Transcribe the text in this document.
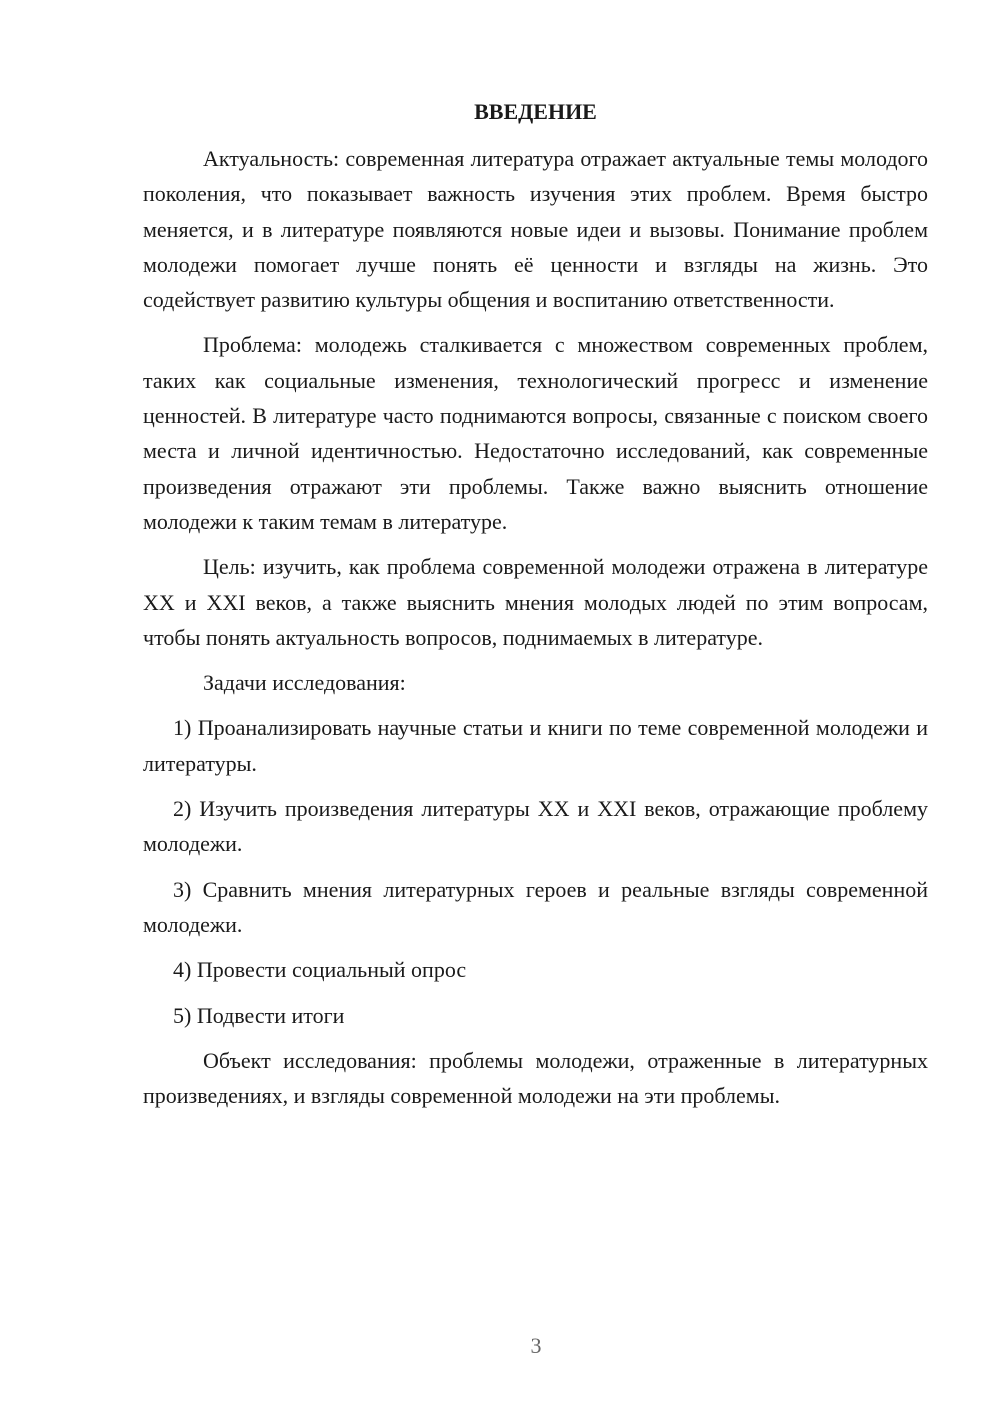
ВВЕДЕНИЕ

Актуальность: современная литература отражает актуальные темы молодого поколения, что показывает важность изучения этих проблем. Время быстро меняется, и в литературе появляются новые идеи и вызовы. Понимание проблем молодежи помогает лучше понять её ценности и взгляды на жизнь. Это содействует развитию культуры общения и воспитанию ответственности.

Проблема: молодежь сталкивается с множеством современных проблем, таких как социальные изменения, технологический прогресс и изменение ценностей. В литературе часто поднимаются вопросы, связанные с поиском своего места и личной идентичностью. Недостаточно исследований, как современные произведения отражают эти проблемы. Также важно выяснить отношение молодежи к таким темам в литературе.

Цель: изучить, как проблема современной молодежи отражена в литературе XX и XXI веков, а также выяснить мнения молодых людей по этим вопросам, чтобы понять актуальность вопросов, поднимаемых в литературе.

Задачи исследования:

1) Проанализировать научные статьи и книги по теме современной молодежи и литературы.

2) Изучить произведения литературы XX и XXI веков, отражающие проблему молодежи.

3) Сравнить мнения литературных героев и реальные взгляды современной молодежи.

4) Провести социальный опрос

5) Подвести итоги

Объект исследования: проблемы молодежи, отраженные в литературных произведениях, и взгляды современной молодежи на эти проблемы.

3
